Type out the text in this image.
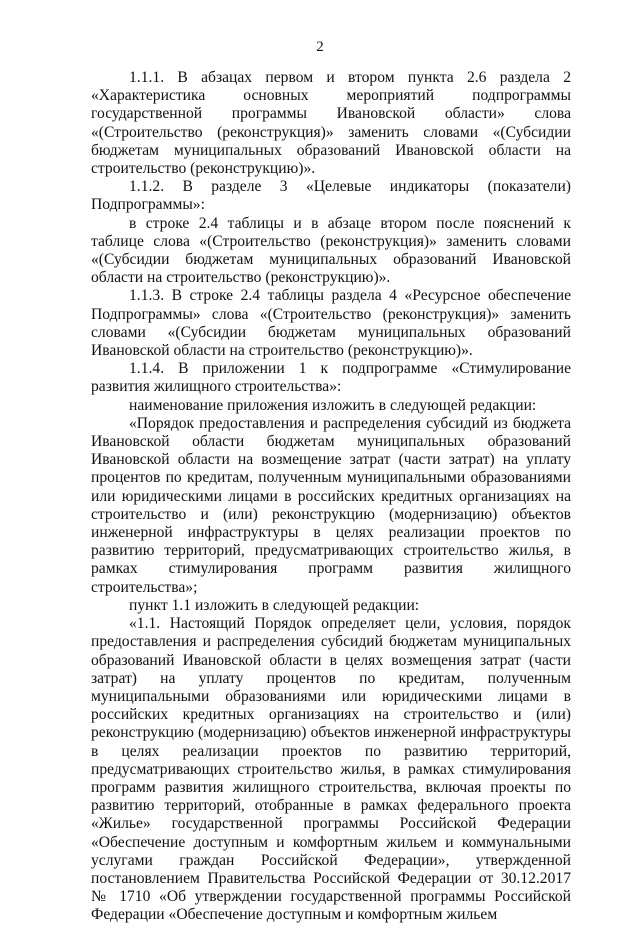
2

1.1.1. В абзацах первом и втором пункта 2.6 раздела 2 «Характеристика основных мероприятий подпрограммы государственной программы Ивановской области» слова «(Строительство (реконструкция)» заменить словами «(Субсидии бюджетам муниципальных образований Ивановской области на строительство (реконструкцию)».

1.1.2. В разделе 3 «Целевые индикаторы (показатели) Подпрограммы»:

в строке 2.4 таблицы и в абзаце втором после пояснений к таблице слова «(Строительство (реконструкция)» заменить словами «(Субсидии бюджетам муниципальных образований Ивановской области на строительство (реконструкцию)».

1.1.3. В строке 2.4 таблицы раздела 4 «Ресурсное обеспечение Подпрограммы» слова «(Строительство (реконструкция)» заменить словами «(Субсидии бюджетам муниципальных образований Ивановской области на строительство (реконструкцию)».

1.1.4. В приложении 1 к подпрограмме «Стимулирование развития жилищного строительства»:

наименование приложения изложить в следующей редакции:

«Порядок предоставления и распределения субсидий из бюджета Ивановской области бюджетам муниципальных образований Ивановской области на возмещение затрат (части затрат) на уплату процентов по кредитам, полученным муниципальными образованиями или юридическими лицами в российских кредитных организациях на строительство и (или) реконструкцию (модернизацию) объектов инженерной инфраструктуры в целях реализации проектов по развитию территорий, предусматривающих строительство жилья, в рамках стимулирования программ развития жилищного строительства»;

пункт 1.1 изложить в следующей редакции:

«1.1. Настоящий Порядок определяет цели, условия, порядок предоставления и распределения субсидий бюджетам муниципальных образований Ивановской области в целях возмещения затрат (части затрат) на уплату процентов по кредитам, полученным муниципальными образованиями или юридическими лицами в российских кредитных организациях на строительство и (или) реконструкцию (модернизацию) объектов инженерной инфраструктуры в целях реализации проектов по развитию территорий, предусматривающих строительство жилья, в рамках стимулирования программ развития жилищного строительства, включая проекты по развитию территорий, отобранные в рамках федерального проекта «Жилье» государственной программы Российской Федерации «Обеспечение доступным и комфортным жильем и коммунальными услугами граждан Российской Федерации», утвержденной постановлением Правительства Российской Федерации от 30.12.2017 № 1710 «Об утверждении государственной программы Российской Федерации «Обеспечение доступным и комфортным жильем
